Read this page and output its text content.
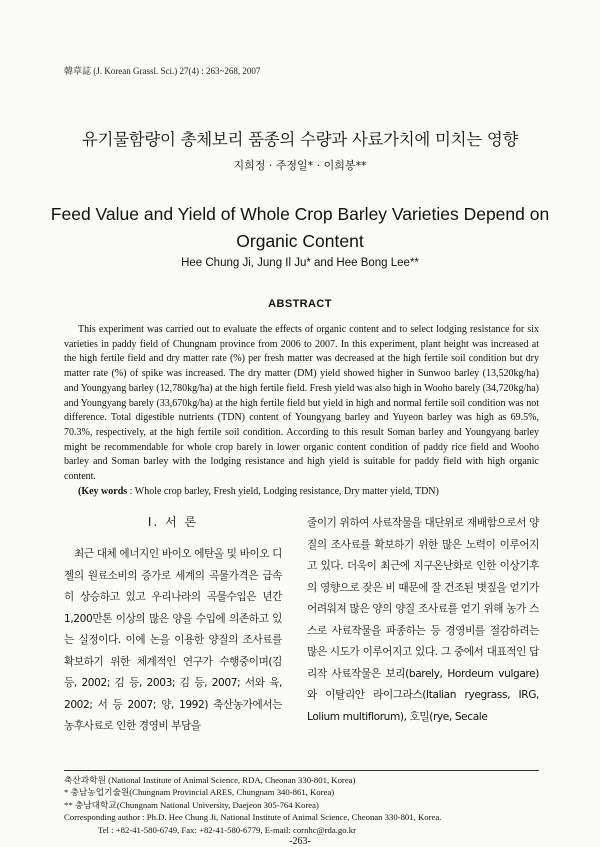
韓草誌 (J. Korean Grassl. Sci.) 27(4) : 263~268, 2007
유기물함량이 총체보리 품종의 수량과 사료가치에 미치는 영향
지희정 · 주정일* · 이희봉**
Feed Value and Yield of Whole Crop Barley Varieties Depend on Organic Content
Hee Chung Ji, Jung Il Ju* and Hee Bong Lee**
ABSTRACT

This experiment was carried out to evaluate the effects of organic content and to select lodging resistance for six varieties in paddy field of Chungnam province from 2006 to 2007. In this experiment, plant height was increased at the high fertile field and dry matter rate (%) per fresh matter was decreased at the high fertile soil condition but dry matter rate (%) of spike was increased. The dry matter (DM) yield showed higher in Sunwoo barley (13,520kg/ha) and Youngyang barley (12,780kg/ha) at the high fertile field. Fresh yield was also high in Wooho barely (34,720kg/ha) and Youngyang barely (33,670kg/ha) at the high fertile field but yield in high and normal fertile soil condition was not difference. Total digestible nutrients (TDN) content of Youngyang barley and Yuyeon barley was high as 69.5%, 70.3%, respectively, at the high fertile soil condition. According to this result Soman barley and Youngyang barley might be recommendable for whole crop barely in lower organic content condition of paddy rice field and Wooho barley and Soman barley with the lodging resistance and high yield is suitable for paddy field with high organic content.

(Key words : Whole crop barley, Fresh yield, Lodging resistance, Dry matter yield, TDN)

I. 서 론

최근 대체 에너지인 바이오 에탄올 및 바이오 디젤의 원료소비의 증가로 세계의 곡물가격은 급속히 상승하고 있고 우리나라의 곡물수입은 년간 1,200만톤 이상의 많은 양을 수입에 의존하고 있는 실정이다. 이에 논을 이용한 양질의 조사료를 확보하기 위한 체계적인 연구가 수행중이며(김 등, 2002; 김 등, 2003; 김 등, 2007; 서와 육, 2002; 서 등 2007; 양, 1992) 축산농가에서는 농후사료로 인한 경영비 부담을

줄이기 위하여 사료작물을 대단위로 재배함으로서 양질의 조사료를 확보하기 위한 많은 노력이 이루어지고 있다. 더욱이 최근에 지구온난화로 인한 이상기후의 영향으로 잦은 비 때문에 잘 건조된 볏짚을 얻기가 어려워져 많은 양의 양질 조사료를 얻기 위해 농가 스스로 사료작물을 파종하는 등 경영비를 절감하려는 많은 시도가 이루어지고 있다. 그 중에서 대표적인 답리작 사료작물은 보리(barely, Hordeum vulgare)와 이탈리안 라이그라스(Italian ryegrass, IRG, Lolium multiflorum), 호밀(rye, Secale

축산과학원 (National Institute of Animal Science, RDA, Cheonan 330-801, Korea)
* 충남농업기술원(Chungnam Provincial ARES, Chungnam 340-861, Korea)
** 충남대학교(Chungnam National University, Daejeon 305-764 Korea)
Corresponding author : Ph.D. Hee Chung Ji, National Institute of Animal Science, Cheonan 330-801, Korea.
Tel : +82-41-580-6749, Fax: +82-41-580-6779, E-mail: cornhc@rda.go.kr
-263-
